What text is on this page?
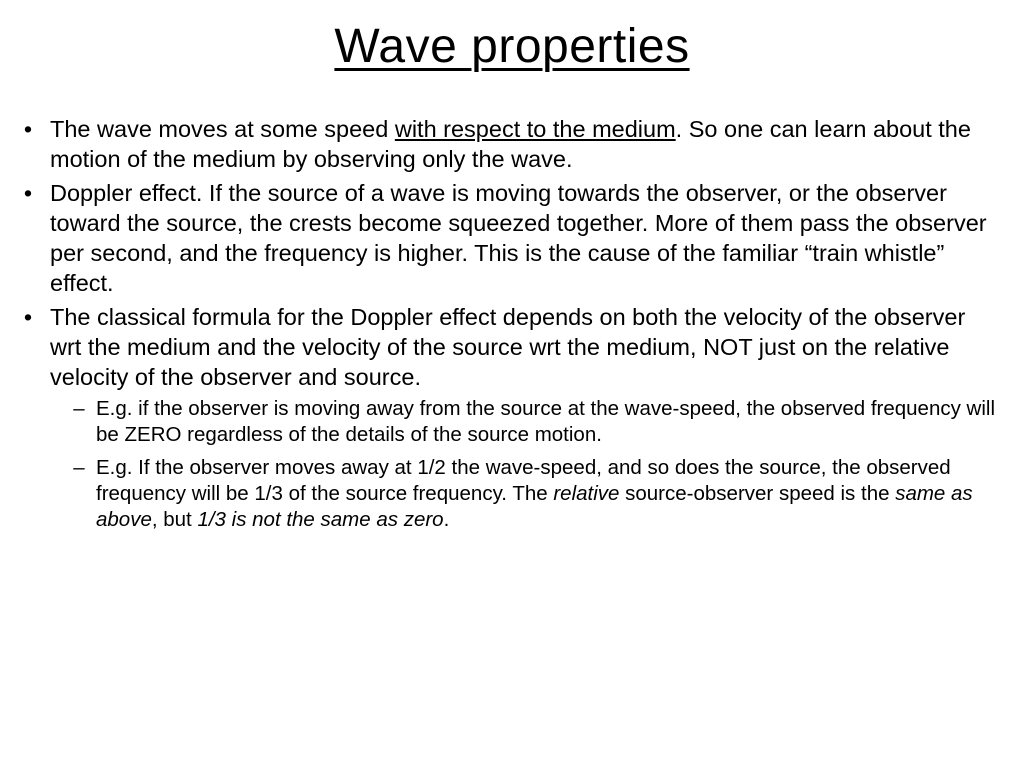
Wave properties
• The wave moves at some speed with respect to the medium. So one can learn about the motion of the medium by observing only the wave.
• Doppler effect. If the source of a wave is moving towards the observer, or the observer toward the source, the crests become squeezed together. More of them pass the observer per second, and the frequency is higher. This is the cause of the familiar “train whistle” effect.
• The classical formula for the Doppler effect depends on both the velocity of the observer wrt the medium and the velocity of the source wrt the medium, NOT just on the relative velocity of the observer and source.
– E.g. if the observer is moving away from the source at the wave-speed, the observed frequency will be ZERO regardless of the details of the source motion.
– E.g. If the observer moves away at 1/2 the wave-speed, and so does the source, the observed frequency will be 1/3 of the source frequency. The relative source-observer speed is the same as above, but 1/3 is not the same as zero.
